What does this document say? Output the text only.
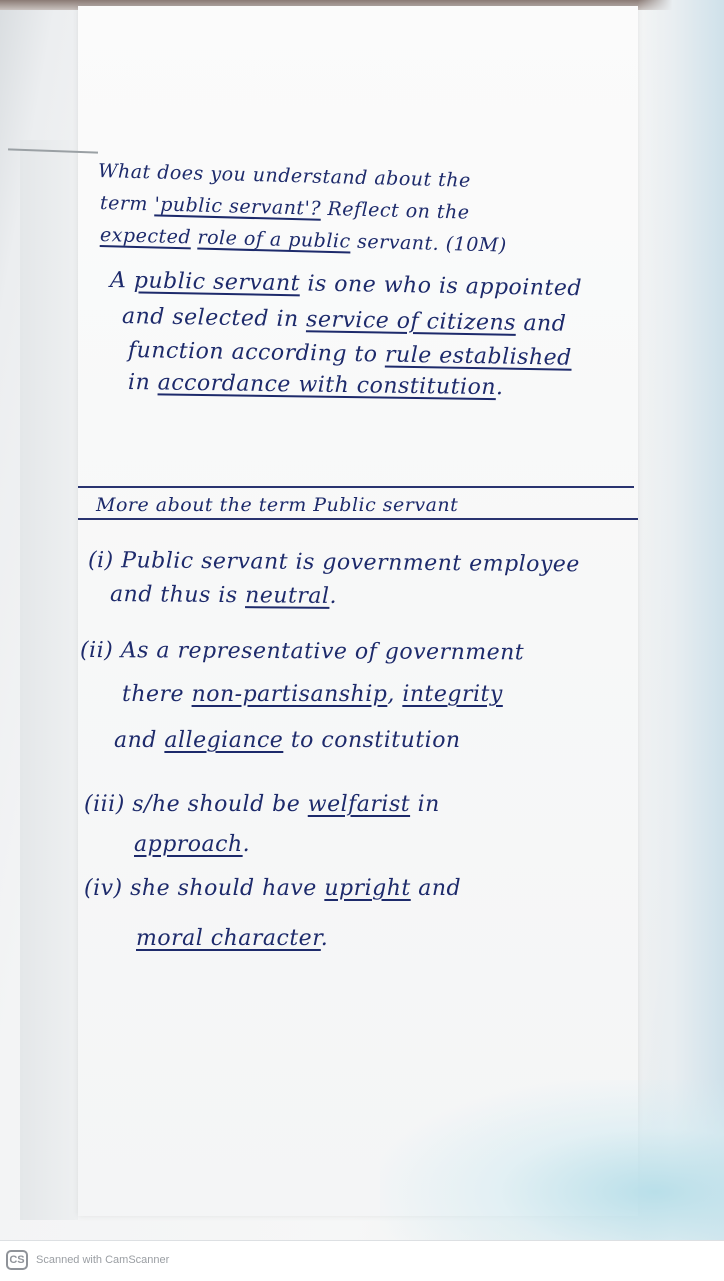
What does you understand about the
term 'public servant'? Reflect on the
expected role of a public servant. (10M)
A public servant is one who is appointed
and selected in service of citizens and
function according to rule established
in accordance with constitution.
More about the term Public servant
(i) Public servant is government employee
and thus is neutral.
(ii) As a representative of government
there non-partisanship, integrity
and allegiance to constitution
(iii) s/he should be welfarist in
approach.
(iv) she should have upright and
moral character.
CS	Scanned with CamScanner
